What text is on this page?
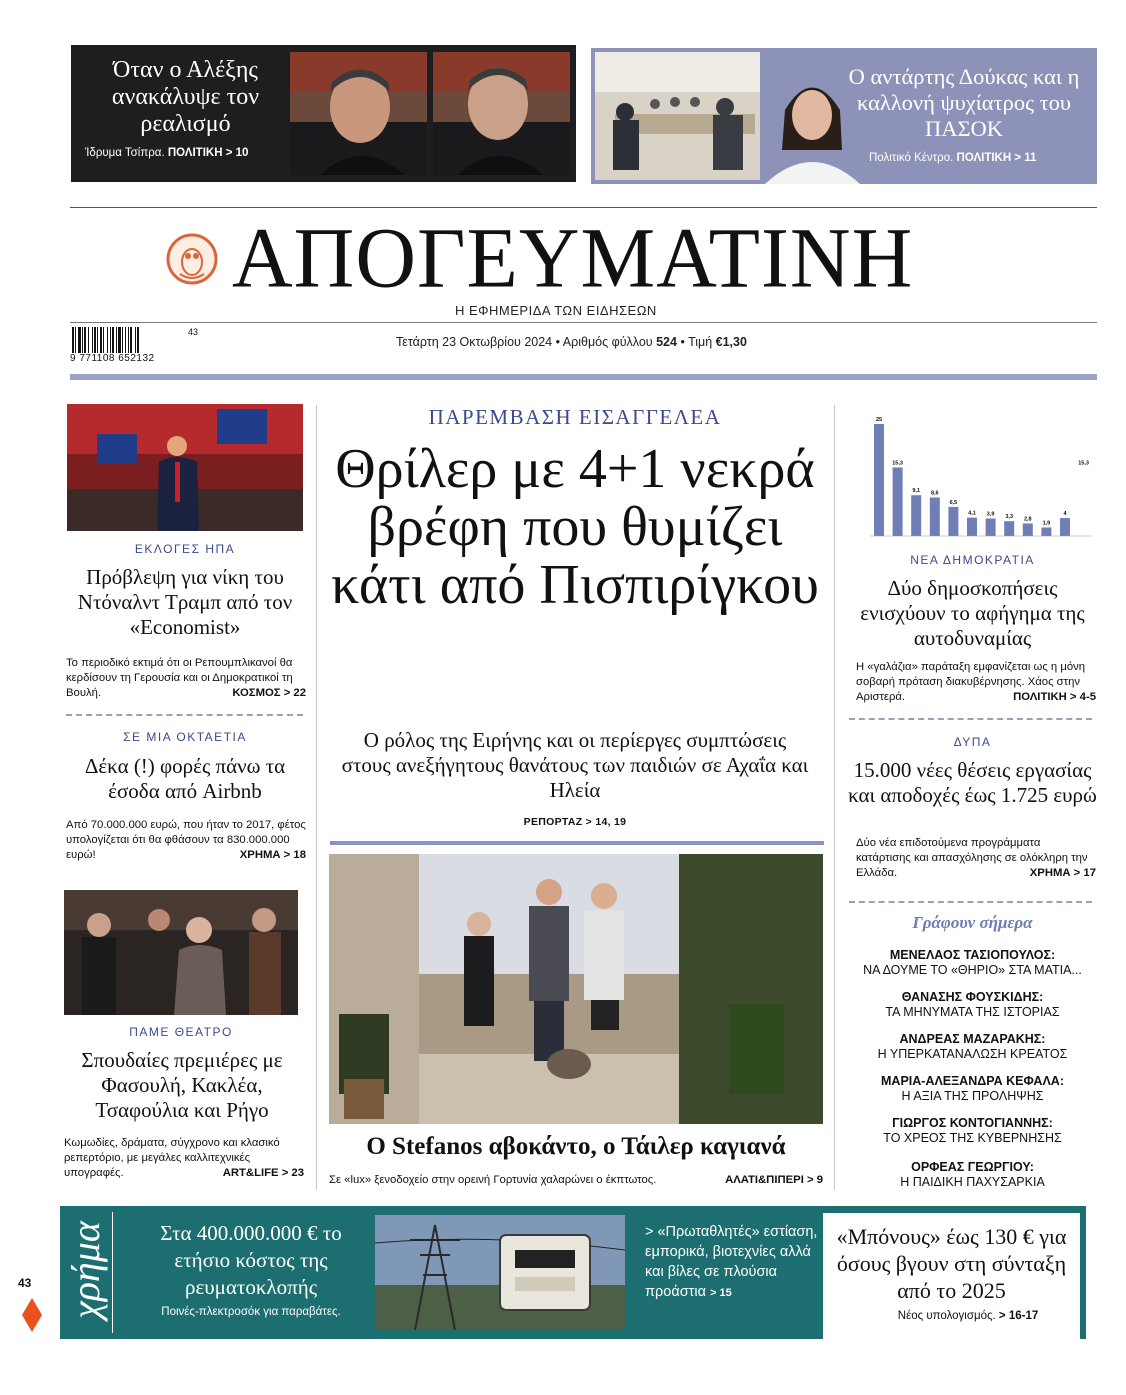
Όταν ο Αλέξης ανακάλυψε τον ρεαλισμό
Ίδρυμα Τσίπρα. ΠΟΛΙΤΙΚΗ > 10
Ο αντάρτης Δούκας και η καλλονή ψυχίατρος του ΠΑΣΟΚ
Πολιτικό Κέντρο. ΠΟΛΙΤΙΚΗ > 11
ΑΠΟΓΕΥΜΑΤΙΝΗ
Η ΕΦΗΜΕΡΙΔΑ ΤΩΝ ΕΙΔΗΣΕΩΝ
9 771108 652132
43
Τετάρτη 23 Οκτωβρίου 2024 • Αριθμός φύλλου 524 • Τιμή €1,30
ΕΚΛΟΓΕΣ ΗΠΑ
Πρόβλεψη για νίκη του Ντόναλντ Τραμπ από τον «Economist»
Το περιοδικό εκτιμά ότι οι Ρεπουμπλικανοί θα κερδίσουν τη Γερουσία και οι Δημοκρατικοί τη Βουλή.	ΚΟΣΜΟΣ > 22
ΣΕ ΜΙΑ ΟΚΤΑΕΤΙΑ
Δέκα (!) φορές πάνω τα έσοδα από Airbnb
Από 70.000.000 ευρώ, που ήταν το 2017, φέτος υπολογίζεται ότι θα φθάσουν τα 830.000.000 ευρώ!	ΧΡΗΜΑ > 18
ΠΑΜΕ ΘΕΑΤΡΟ
Σπουδαίες πρεμιέρες με Φασουλή, Κακλέα, Τσαφούλια και Ρήγο
Κωμωδίες, δράματα, σύγχρονο και κλασικό ρεπερτόριο, με μεγάλες καλλιτεχνικές υπογραφές.	ART&LIFE > 23
ΠΑΡΕΜΒΑΣΗ ΕΙΣΑΓΓΕΛΕΑ
Θρίλερ με 4+1 νεκρά βρέφη που θυμίζει κάτι από Πισπιρίγκου
Ο ρόλος της Ειρήνης και οι περίεργες συμπτώσεις στους ανεξήγητους θανάτους των παιδιών σε Αχαΐα και Ηλεία
ΡΕΠΟΡΤΑΖ > 14, 19
Ο Stefanos αβοκάντο, ο Τάιλερ καγιανά
Σε «lux» ξενοδοχείο στην ορεινή Γορτυνία χαλαρώνει ο έκπτωτος.	ΑΛΑΤΙ&ΠΙΠΕΡΙ > 9
25
15,3
9,1 8,6
6,5
4,1 3,9 3,3 2,8
1,9
4
15,3
ΝΕΑ ΔΗΜΟΚΡΑΤΙΑ
Δύο δημοσκοπήσεις ενισχύουν το αφήγημα της αυτοδυναμίας
Η «γαλάζια» παράταξη εμφανίζεται ως η μόνη σοβαρή πρόταση διακυβέρνησης. Χάος στην Αριστερά.	ΠΟΛΙΤΙΚΗ > 4-5
ΔΥΠΑ
15.000 νέες θέσεις εργασίας και αποδοχές έως 1.725 ευρώ
Δύο νέα επιδοτούμενα προγράμματα κατάρτισης και απασχόλησης σε ολόκληρη την Ελλάδα.	ΧΡΗΜΑ > 17
Γράφουν σήμερα
ΜΕΝΕΛΑΟΣ ΤΑΣΙΟΠΟΥΛΟΣ:
ΝΑ ΔΟΥΜΕ ΤΟ «ΘΗΡΙΟ» ΣΤΑ ΜΑΤΙΑ...
ΘΑΝΑΣΗΣ ΦΟΥΣΚΙΔΗΣ:
ΤΑ ΜΗΝΥΜΑΤΑ ΤΗΣ ΙΣΤΟΡΙΑΣ
ΑΝΔΡΕΑΣ ΜΑΖΑΡΑΚΗΣ:
Η ΥΠΕΡΚΑΤΑΝΑΛΩΣΗ ΚΡΕΑΤΟΣ
ΜΑΡΙΑ-ΑΛΕΞΑΝΔΡΑ ΚΕΦΑΛΑ:
Η ΑΞΙΑ ΤΗΣ ΠΡΟΛΗΨΗΣ
ΓΙΩΡΓΟΣ ΚΟΝΤΟΓΙΑΝΝΗΣ:
ΤΟ ΧΡΕΟΣ ΤΗΣ ΚΥΒΕΡΝΗΣΗΣ
ΟΡΦΕΑΣ ΓΕΩΡΓΙΟΥ:
Η ΠΑΙΔΙΚΗ ΠΑΧΥΣΑΡΚΙΑ
χρήμα	Στα 400.000.000 € το ετήσιο κόστος της ρευματοκλοπής
Ποινές-πλεκτροσόκ για παραβάτες.
> «Πρωταθλητές» εστίαση, εμπορικά, βιοτεχνίες αλλά και βίλες σε πλούσια προάστια > 15
«Μπόνους» έως 130 € για όσους βγουν στη σύνταξη από το 2025
Νέος υπολογισμός. > 16-17
43
